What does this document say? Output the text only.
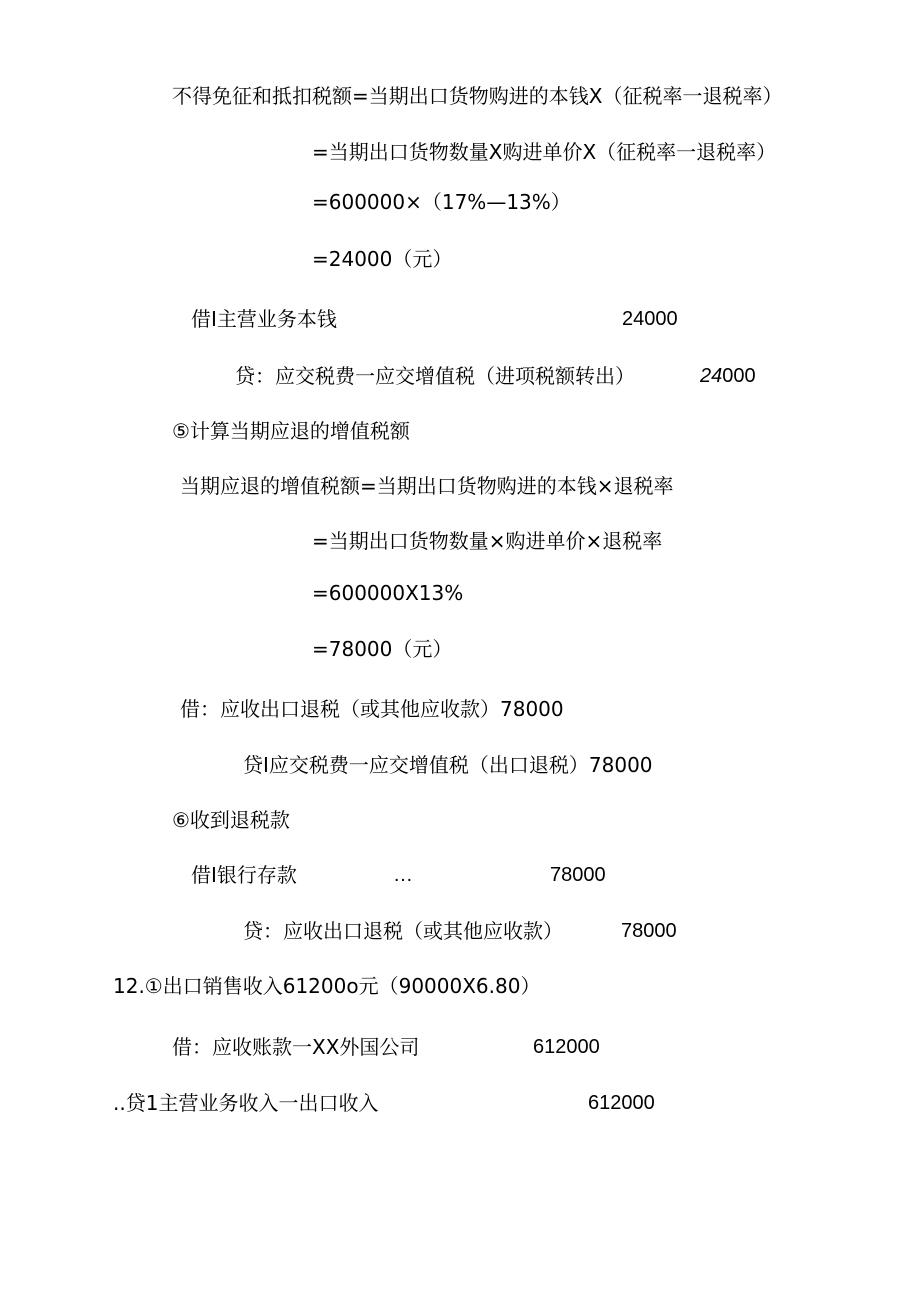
不得免征和抵扣税额=当期出口货物购进的本钱X（征税率一退税率）
=当期出口货物数量X购进单价X（征税率一退税率）
=600000×（17%—13%）
=24000（元）
借I主营业务本钱	24000
贷：应交税费一应交增值税（进项税额转出）	24000
⑤计算当期应退的增值税额
当期应退的增值税额=当期出口货物购进的本钱×退税率
=当期出口货物数量×购进单价×退税率
=600000X13%
=78000（元）
借：应收出口退税（或其他应收款）78000
贷I应交税费一应交增值税（出口退税）78000
⑥收到退税款
借I银行存款	…	78000
贷：应收出口退税（或其他应收款）	78000
12.①出口销售收入61200o元（90000X6.80）
借：应收账款一XX外国公司	612000
..贷1主营业务收入一出口收入	612000
